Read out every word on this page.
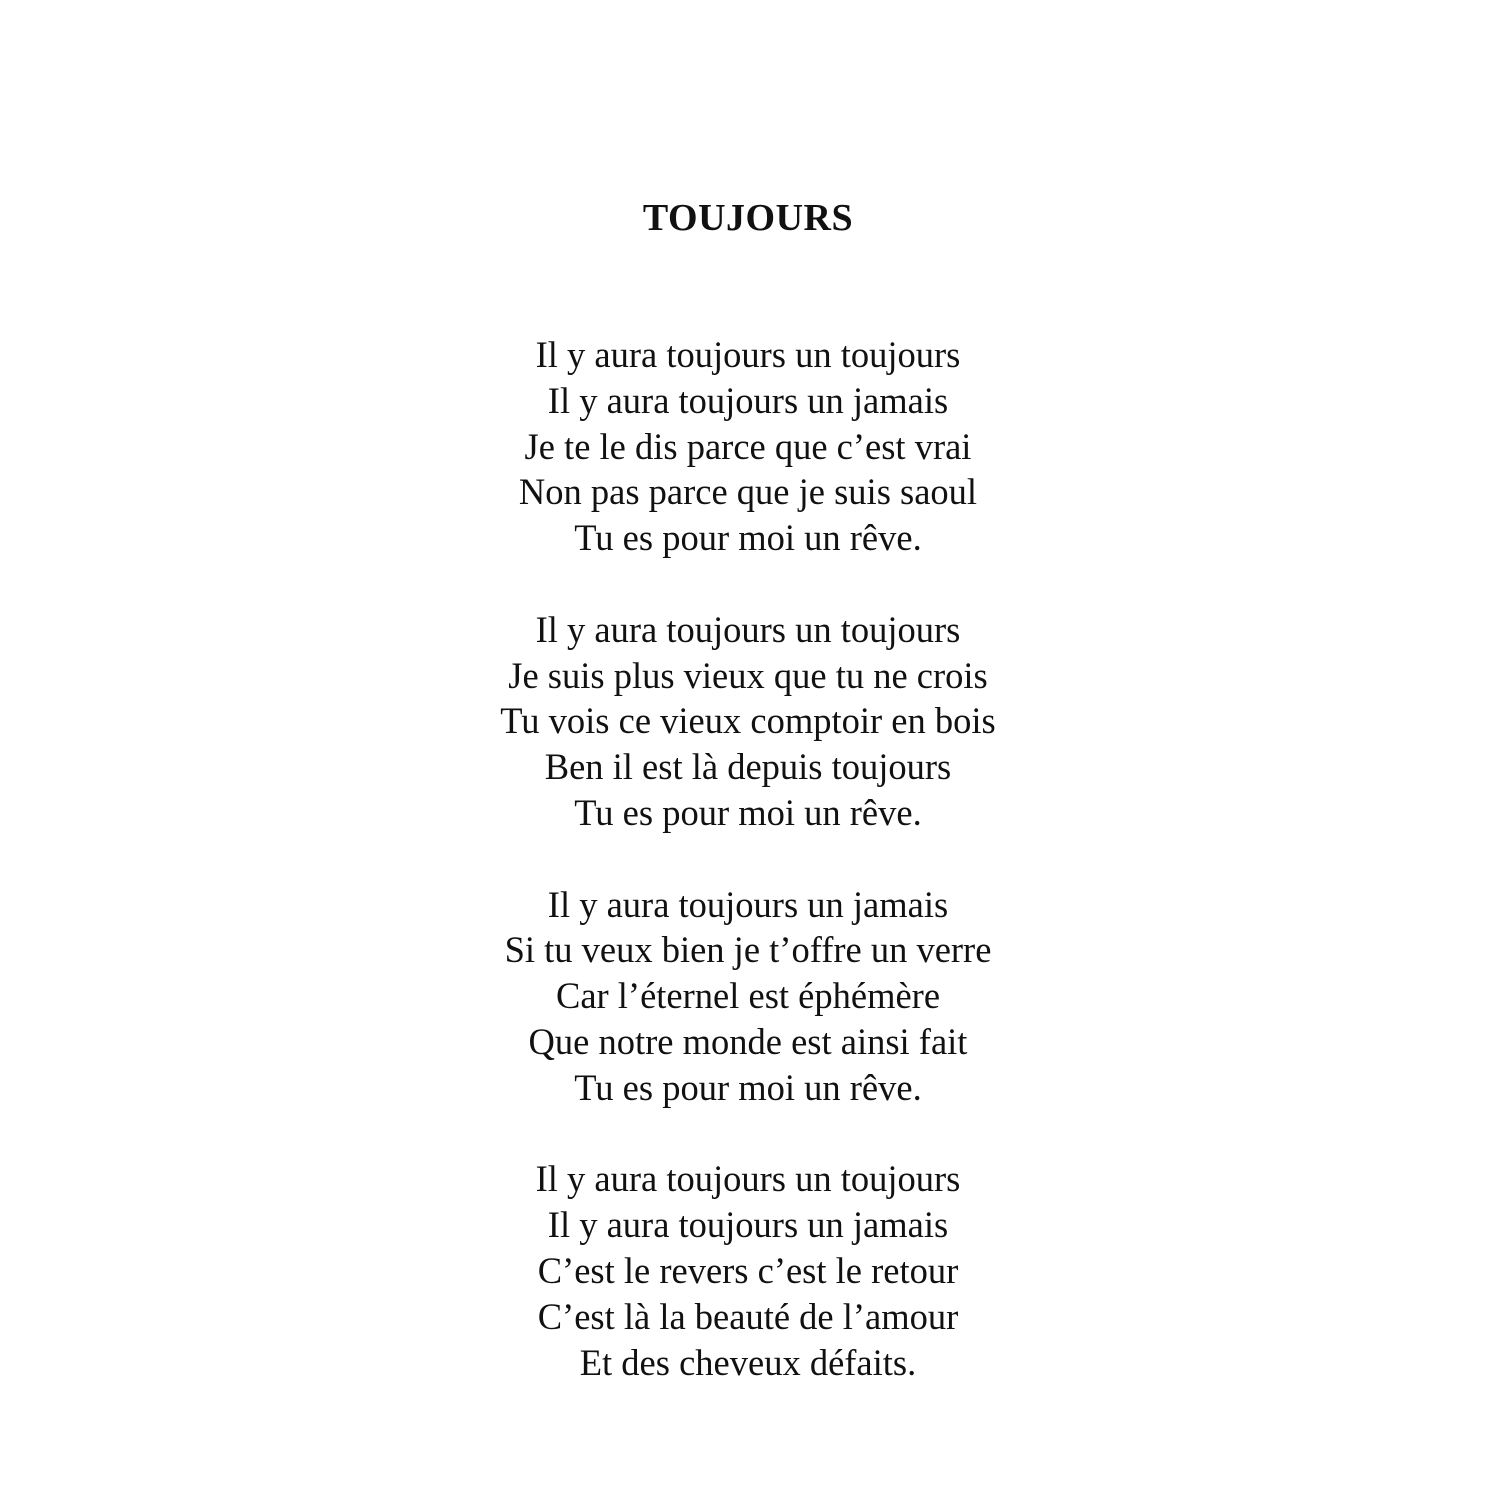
TOUJOURS
Il y aura toujours un toujours
Il y aura toujours un jamais
Je te le dis parce que c’est vrai
Non pas parce que je suis saoul
Tu es pour moi un rêve.
Il y aura toujours un toujours
Je suis plus vieux que tu ne crois
Tu vois ce vieux comptoir en bois
Ben il est là depuis toujours
Tu es pour moi un rêve.
Il y aura toujours un jamais
Si tu veux bien je t’offre un verre
Car l’éternel est éphémère
Que notre monde est ainsi fait
Tu es pour moi un rêve.
Il y aura toujours un toujours
Il y aura toujours un jamais
C’est le revers c’est le retour
C’est là la beauté de l’amour
Et des cheveux défaits.
